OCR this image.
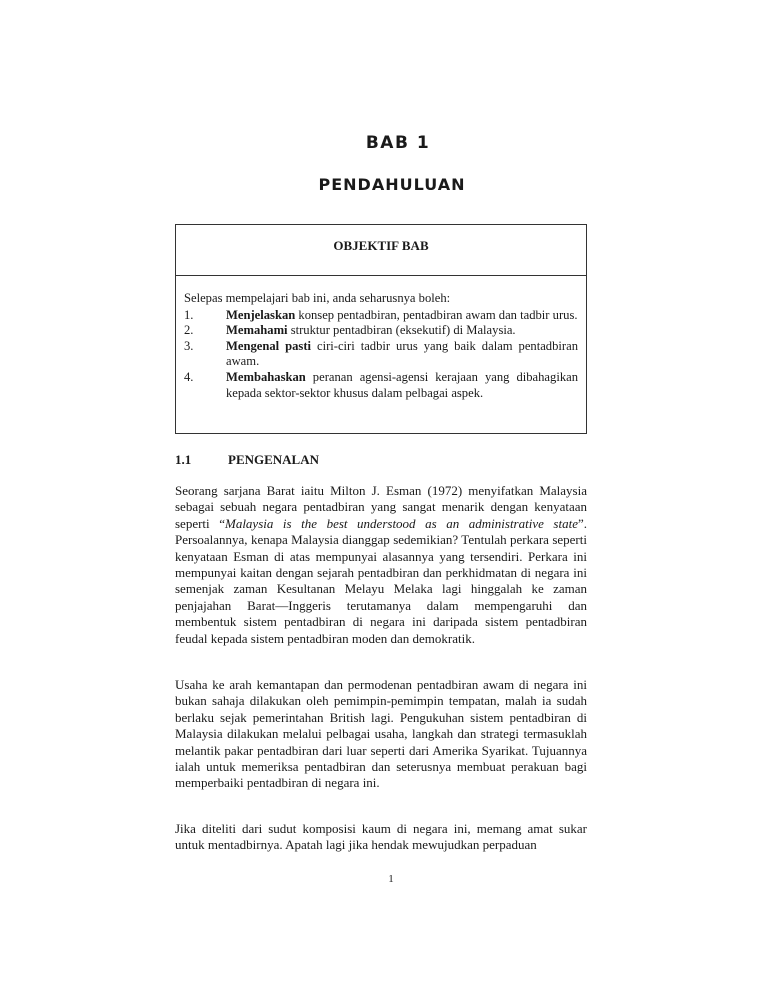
BAB 1
PENDAHULUAN
OBJEKTIF BAB

Selepas mempelajari bab ini, anda seharusnya boleh:

1.	Menjelaskan konsep pentadbiran, pentadbiran awam dan tadbir urus.
2.	Memahami struktur pentadbiran (eksekutif) di Malaysia.
3.	Mengenal pasti ciri-ciri tadbir urus yang baik dalam pentadbiran awam.
4.	Membahaskan peranan agensi-agensi kerajaan yang dibahagikan kepada sektor-sektor khusus dalam pelbagai aspek.
1.1	PENGENALAN

Seorang sarjana Barat iaitu Milton J. Esman (1972) menyifatkan Malaysia sebagai sebuah negara pentadbiran yang sangat menarik dengan kenyataan seperti “Malaysia is the best understood as an administrative state”. Persoalannya, kenapa Malaysia dianggap sedemikian? Tentulah perkara seperti kenyataan Esman di atas mempunyai alasannya yang tersendiri. Perkara ini mempunyai kaitan dengan sejarah pentadbiran dan perkhidmatan di negara ini semenjak zaman Kesultanan Melayu Melaka lagi hinggalah ke zaman penjajahan Barat—Inggeris terutamanya dalam mempengaruhi dan membentuk sistem pentadbiran di negara ini daripada sistem pentadbiran feudal kepada sistem pentadbiran moden dan demokratik.

Usaha ke arah kemantapan dan permodenan pentadbiran awam di negara ini bukan sahaja dilakukan oleh pemimpin-pemimpin tempatan, malah ia sudah berlaku sejak pemerintahan British lagi. Pengukuhan sistem pentadbiran di Malaysia dilakukan melalui pelbagai usaha, langkah dan strategi termasuklah melantik pakar pentadbiran dari luar seperti dari Amerika Syarikat. Tujuannya ialah untuk memeriksa pentadbiran dan seterusnya membuat perakuan bagi memperbaiki pentadbiran di negara ini.

Jika diteliti dari sudut komposisi kaum di negara ini, memang amat sukar untuk mentadbirnya. Apatah lagi jika hendak mewujudkan perpaduan

1
